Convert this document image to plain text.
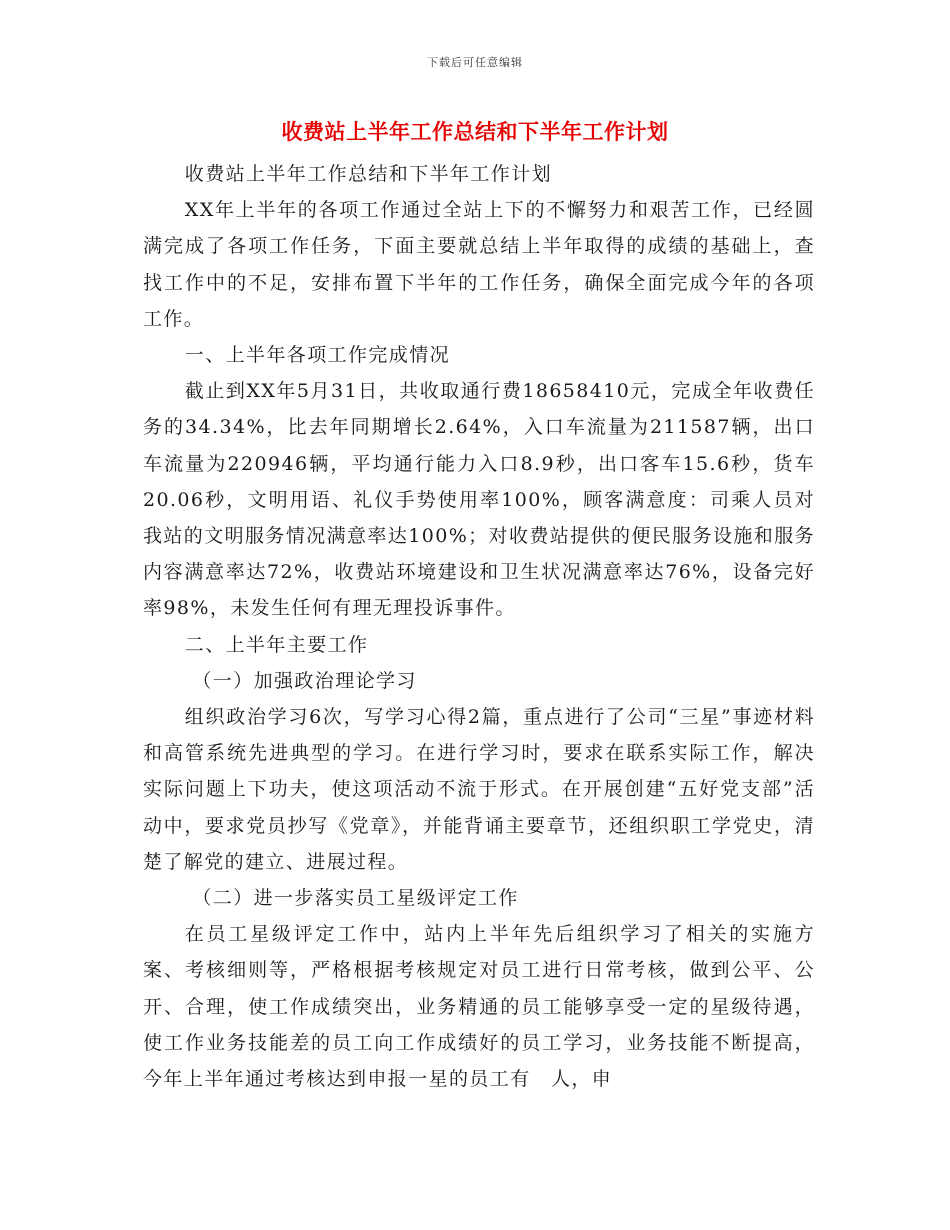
下载后可任意编辑
收费站上半年工作总结和下半年工作计划

收费站上半年工作总结和下半年工作计划

XX年上半年的各项工作通过全站上下的不懈努力和艰苦工作，已经圆满完成了各项工作任务，下面主要就总结上半年取得的成绩的基础上，查找工作中的不足，安排布置下半年的工作任务，确保全面完成今年的各项工作。

一、上半年各项工作完成情况

截止到XX年5月31日，共收取通行费18658410元，完成全年收费任务的34.34%，比去年同期增长2.64%，入口车流量为211587辆，出口车流量为220946辆，平均通行能力入口8.9秒，出口客车15.6秒，货车 20.06秒，文明用语、礼仪手势使用率100%，顾客满意度：司乘人员对我站的文明服务情况满意率达100%；对收费站提供的便民服务设施和服务内容满意率达72%，收费站环境建设和卫生状况满意率达76%，设备完好率98%，未发生任何有理无理投诉事件。

二、上半年主要工作

（一）加强政治理论学习

组织政治学习6次，写学习心得2篇，重点进行了公司“三星”事迹材料和高管系统先进典型的学习。在进行学习时，要求在联系实际工作，解决实际问题上下功夫，使这项活动不流于形式。在开展创建“五好党支部”活动中，要求党员抄写《党章》，并能背诵主要章节，还组织职工学党史，清楚了解党的建立、进展过程。

（二）进一步落实员工星级评定工作

在员工星级评定工作中，站内上半年先后组织学习了相关的实施方案、考核细则等，严格根据考核规定对员工进行日常考核，做到公平、公开、合理，使工作成绩突出，业务精通的员工能够享受一定的星级待遇，使工作业务技能差的员工向工作成绩好的员工学习，业务技能不断提高，今年上半年通过考核达到申报一星的员工有　人，申
